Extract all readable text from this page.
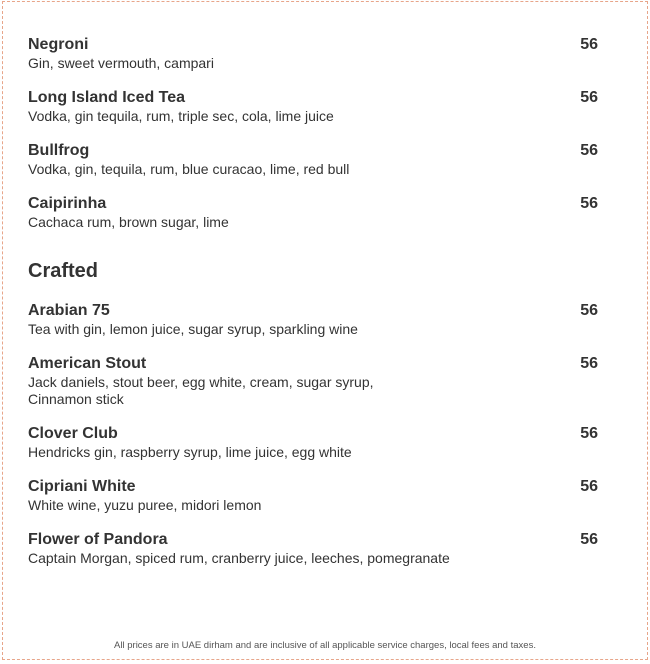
Negroni	56
Gin, sweet vermouth, campari
Long Island Iced Tea	56
Vodka, gin tequila, rum, triple sec, cola, lime juice
Bullfrog	56
Vodka, gin, tequila, rum, blue curacao, lime, red bull
Caipirinha	56
Cachaca rum, brown sugar, lime
Crafted
Arabian 75	56
Tea with gin, lemon juice, sugar syrup, sparkling wine
American Stout	56
Jack daniels, stout beer, egg white, cream, sugar syrup,
Cinnamon stick
Clover Club	56
Hendricks gin, raspberry syrup, lime juice, egg white
Cipriani White	56
White wine, yuzu puree, midori lemon
Flower of Pandora	56
Captain Morgan, spiced rum, cranberry juice, leeches, pomegranate
All prices are in UAE dirham and are inclusive of all applicable service charges, local fees and taxes.
